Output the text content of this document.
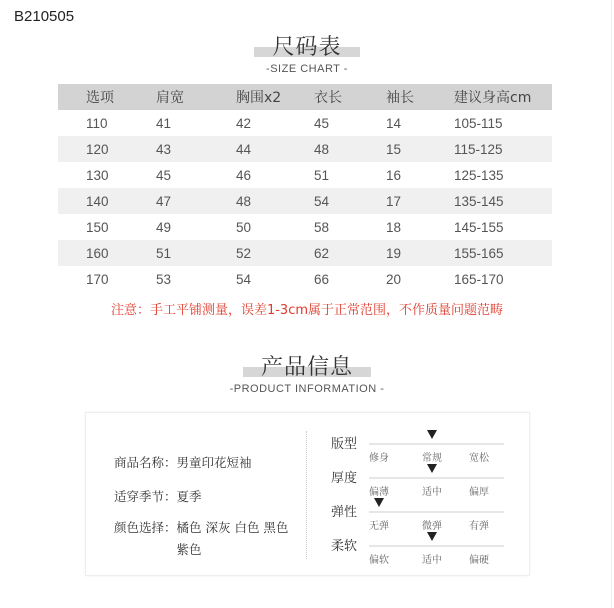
B210505
尺码表
-SIZE CHART -
选项	肩宽	胸围x2	衣长	袖长	建议身高cm
110	41	42	45	14	105-115
120	43	44	48	15	115-125
130	45	46	51	16	125-135
140	47	48	54	17	135-145
150	49	50	58	18	145-155
160	51	52	62	19	155-165
170	53	54	66	20	165-170
注意：手工平铺测量，误差1-3cm属于正常范围，不作质量问题范畴
产品信息
-PRODUCT INFORMATION -
商品名称：男童印花短袖
适穿季节：夏季
颜色选择：橘色 深灰 白色 黑色 紫色
版型
修身	常规	宽松
厚度
偏薄	适中	偏厚
弹性
无弹	微弹	有弹
柔软
偏软	适中	偏硬
